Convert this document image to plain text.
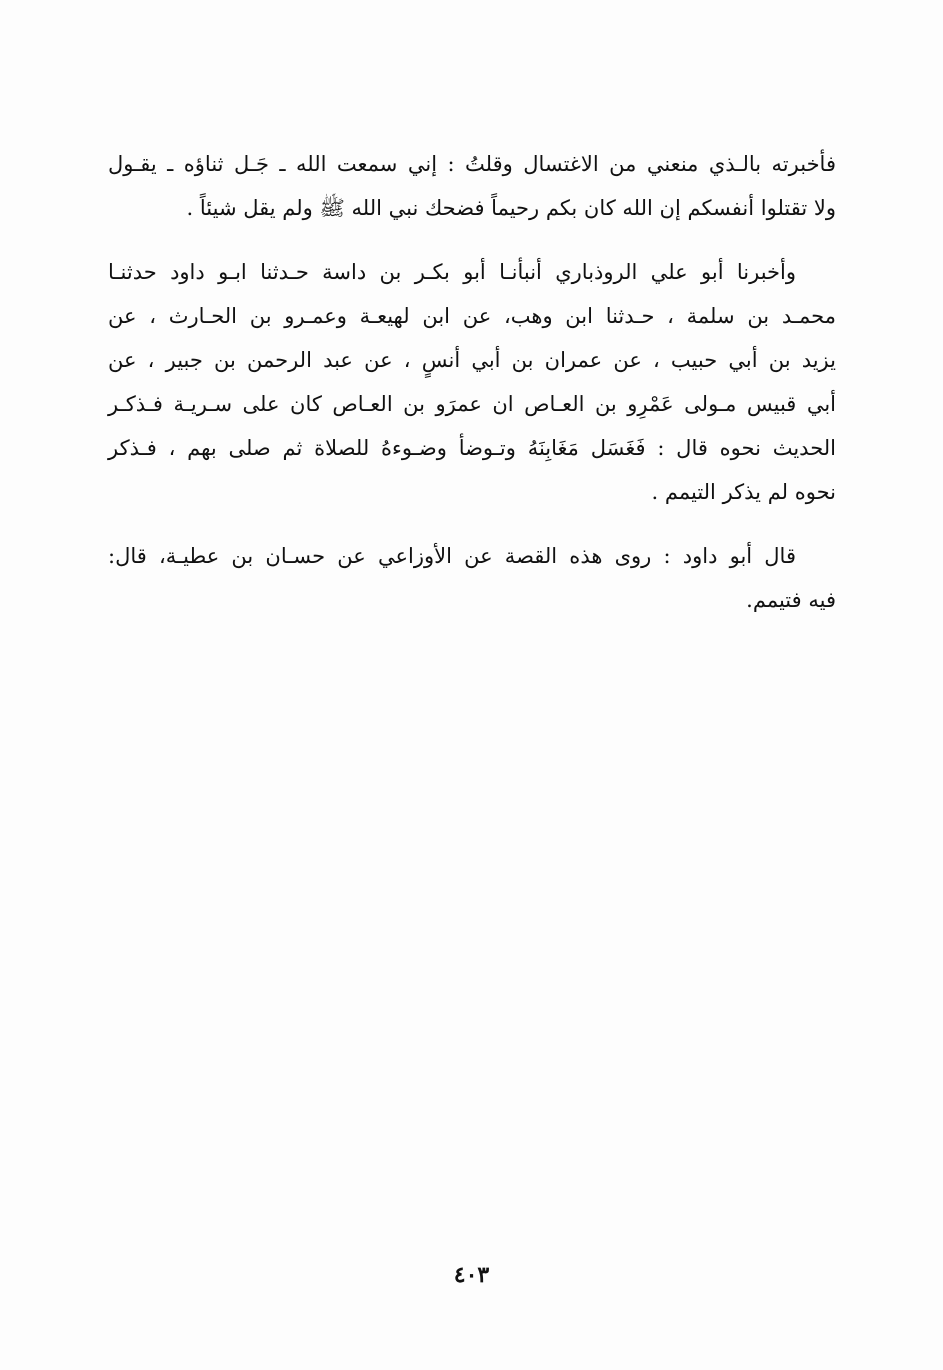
فأخبرته بالـذي منعني من الاغتسال وقلتُ : إني سمعت الله ـ جَـل ثناؤه ـ يقـول
ولا تقتلوا أنفسكم إن الله كان بكم رحيماً فضحك نبي الله ﷺ ولم يقل شيئاً .

وأخبرنا أبو علي الروذباري أنبأنـا أبو بكـر بن داسة حـدثنا ابـو داود حدثنـا
محمـد بن سلمة ، حـدثنا ابن وهب، عن ابن لهيعـة وعمـرو بن الحـارث ، عن
يزيد بن أبي حبيب ، عن عمران بن أبي أنسٍ ، عن عبد الرحمن بن جبير ، عن
أبي قبيس مـولى عَمْرِو بن العـاص ان عمرَو بن العـاص كان على سـريـة فـذكـر
الحديث نحوه قال : فَغَسَل مَغَابِنَهُ وتـوضأ وضـوءهُ للصلاة ثم صلى بهم ، فـذكر
نحوه لم يذكر التيمم .

قال أبو داود : روى هذه القصة عن الأوزاعي عن حسـان بن عطيـة، قال:
فيه فتيمم.

٤٠٣
